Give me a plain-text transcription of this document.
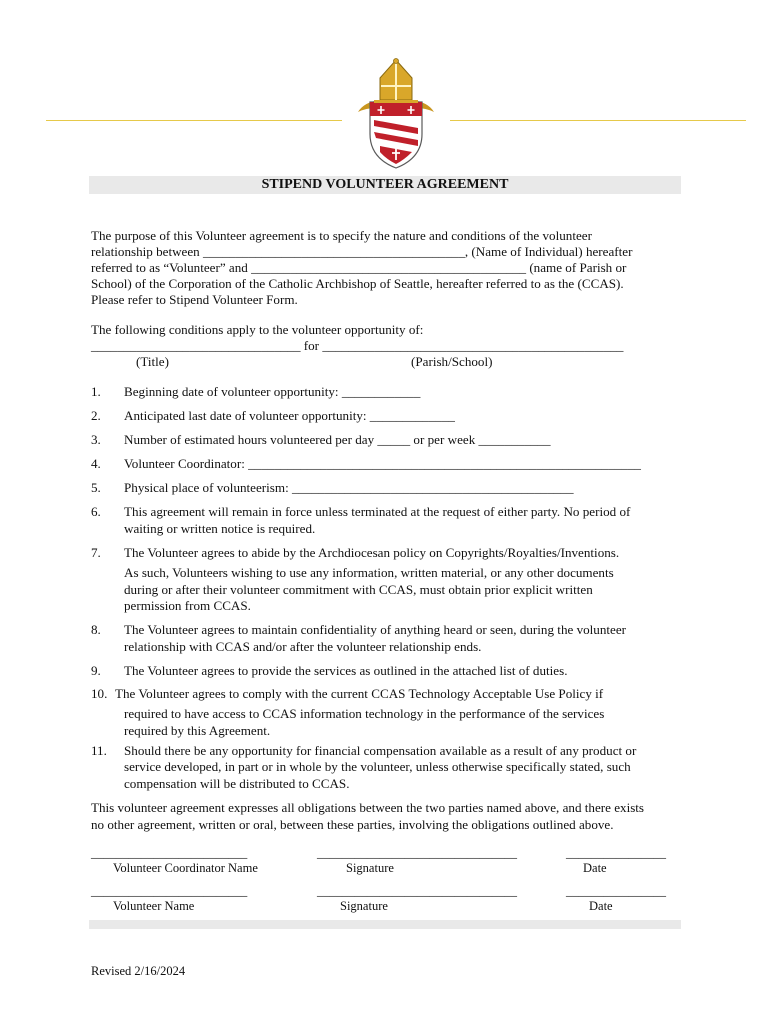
STIPEND VOLUNTEER AGREEMENT
The purpose of this Volunteer agreement is to specify the nature and conditions of the volunteer
relationship between ________________________________________, (Name of Individual) hereafter
referred to as “Volunteer” and __________________________________________ (name of Parish or
School) of the Corporation of the Catholic Archbishop of Seattle, hereafter referred to as the (CCAS).
Please refer to Stipend Volunteer Form.
The following conditions apply to the volunteer opportunity of:
________________________________ for ______________________________________________
(Title)	(Parish/School)
1. Beginning date of volunteer opportunity: ____________
2. Anticipated last date of volunteer opportunity: _____________
3. Number of estimated hours volunteered per day _____ or per week ___________
4. Volunteer Coordinator: ____________________________________________________________
5. Physical place of volunteerism: ___________________________________________
6. This agreement will remain in force unless terminated at the request of either party. No period of
waiting or written notice is required.
7. The Volunteer agrees to abide by the Archdiocesan policy on Copyrights/Royalties/Inventions.
As such, Volunteers wishing to use any information, written material, or any other documents
during or after their volunteer commitment with CCAS, must obtain prior explicit written
permission from CCAS.
8. The Volunteer agrees to maintain confidentiality of anything heard or seen, during the volunteer
relationship with CCAS and/or after the volunteer relationship ends.
9. The Volunteer agrees to provide the services as outlined in the attached list of duties.
10. The Volunteer agrees to comply with the current CCAS Technology Acceptable Use Policy if
required to have access to CCAS information technology in the performance of the services
required by this Agreement.
11. Should there be any opportunity for financial compensation available as a result of any product or
service developed, in part or in whole by the volunteer, unless otherwise specifically stated, such
compensation will be distributed to CCAS.
This volunteer agreement expresses all obligations between the two parties named above, and there exists
no other agreement, written or oral, between these parties, involving the obligations outlined above.
_________________________	________________________________	________________
Volunteer Coordinator Name	Signature	Date
_________________________	________________________________	________________
Volunteer Name	Signature	Date
Revised 2/16/2024
